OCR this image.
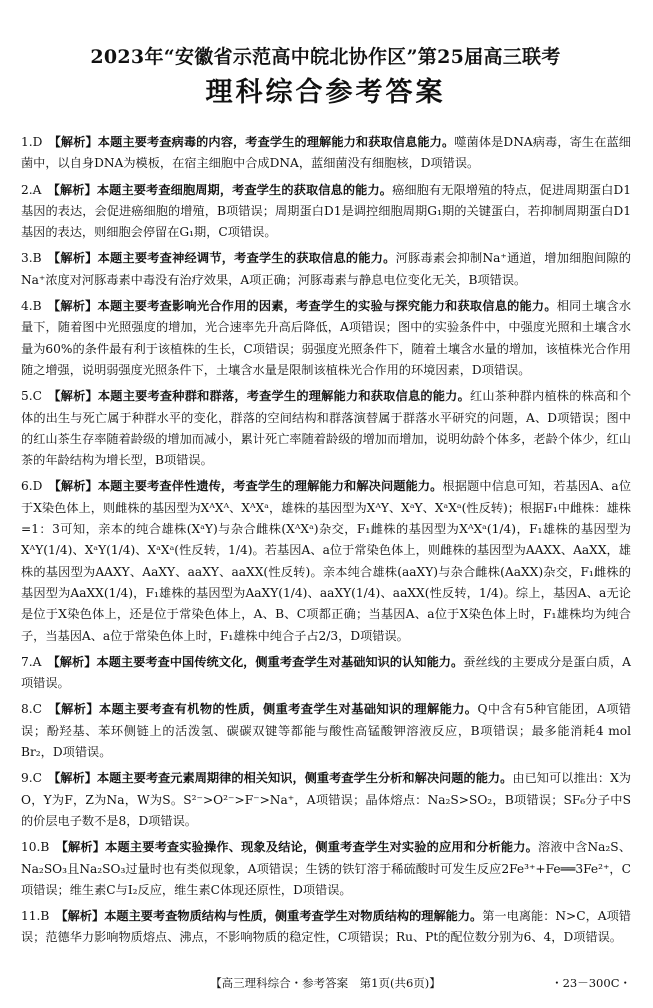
2023年“安徽省示范高中皖北协作区”第25届高三联考
理科综合参考答案

1.D  【解析】本题主要考查病毒的内容，考查学生的理解能力和获取信息能力。噬菌体是DNA病毒，寄生在蓝细菌中，以自身DNA为模板，在宿主细胞中合成DNA，蓝细菌没有细胞核，D项错误。

2.A  【解析】本题主要考查细胞周期，考查学生的获取信息的能力。癌细胞有无限增殖的特点，促进周期蛋白D1基因的表达，会促进癌细胞的增殖，B项错误；周期蛋白D1是调控细胞周期G₁期的关键蛋白，若抑制周期蛋白D1基因的表达，则细胞会停留在G₁期，C项错误。

3.B  【解析】本题主要考查神经调节，考查学生的获取信息的能力。河豚毒素会抑制Na⁺通道，增加细胞间隙的Na⁺浓度对河豚毒素中毒没有治疗效果，A项正确；河豚毒素与静息电位变化无关，B项错误。

4.B  【解析】本题主要考查影响光合作用的因素，考查学生的实验与探究能力和获取信息的能力。相同土壤含水量下，随着图中光照强度的增加，光合速率先升高后降低，A项错误；图中的实验条件中，中强度光照和土壤含水量为60%的条件最有利于该植株的生长，C项错误；弱强度光照条件下，随着土壤含水量的增加，该植株光合作用随之增强，说明弱强度光照条件下，土壤含水量是限制该植株光合作用的环境因素，D项错误。

5.C  【解析】本题主要考查种群和群落，考查学生的理解能力和获取信息的能力。红山茶种群内植株的株高和个体的出生与死亡属于种群水平的变化，群落的空间结构和群落演替属于群落水平研究的问题，A、D项错误；图中的红山茶生存率随着龄级的增加而减小，累计死亡率随着龄级的增加而增加，说明幼龄个体多，老龄个体少，红山茶的年龄结构为增长型，B项错误。

6.D  【解析】本题主要考查伴性遗传，考查学生的理解能力和解决问题能力。根据题中信息可知，若基因A、a位于X染色体上，则雌株的基因型为XᴬXᴬ、XᴬXᵃ，雄株的基因型为XᴬY、XᵃY、XᵃXᵃ(性反转)；根据F₁中雌株：雄株=1：3可知，亲本的纯合雄株(XᵃY)与杂合雌株(XᴬXᵃ)杂交，F₁雌株的基因型为XᴬXᵃ(1/4)，F₁雄株的基因型为XᴬY(1/4)、XᵃY(1/4)、XᵃXᵃ(性反转，1/4)。若基因A、a位于常染色体上，则雌株的基因型为AAXX、AaXX，雄株的基因型为AAXY、AaXY、aaXY、aaXX(性反转)。亲本纯合雄株(aaXY)与杂合雌株(AaXX)杂交，F₁雌株的基因型为AaXX(1/4)，F₁雄株的基因型为AaXY(1/4)、aaXY(1/4)、aaXX(性反转，1/4)。综上，基因A、a无论是位于X染色体上，还是位于常染色体上，A、B、C项都正确；当基因A、a位于X染色体上时，F₁雄株均为纯合子，当基因A、a位于常染色体上时，F₁雄株中纯合子占2/3，D项错误。

7.A  【解析】本题主要考查中国传统文化，侧重考查学生对基础知识的认知能力。蚕丝线的主要成分是蛋白质，A项错误。

8.C  【解析】本题主要考查有机物的性质，侧重考查学生对基础知识的理解能力。Q中含有5种官能团，A项错误；酚羟基、苯环侧链上的活泼氢、碳碳双键等都能与酸性高锰酸钾溶液反应，B项错误；最多能消耗4 mol Br₂，D项错误。

9.C  【解析】本题主要考查元素周期律的相关知识，侧重考查学生分析和解决问题的能力。由已知可以推出：X为O，Y为F，Z为Na，W为S。S²⁻>O²⁻>F⁻>Na⁺，A项错误；晶体熔点：Na₂S>SO₂，B项错误；SF₆分子中S的价层电子数不是8，D项错误。

10.B  【解析】本题主要考查实验操作、现象及结论，侧重考查学生对实验的应用和分析能力。溶液中含Na₂S、Na₂SO₃且Na₂SO₃过量时也有类似现象，A项错误；生锈的铁钉溶于稀硫酸时可发生反应2Fe³⁺+Fe══3Fe²⁺，C项错误；维生素C与I₂反应，维生素C体现还原性，D项错误。

11.B  【解析】本题主要考查物质结构与性质，侧重考查学生对物质结构的理解能力。第一电离能：N>C，A项错误；范德华力影响物质熔点、沸点，不影响物质的稳定性，C项错误；Ru、Pt的配位数分别为6、4，D项错误。

【高三理科综合・参考答案　第1页(共6页)】	・23－300C・
